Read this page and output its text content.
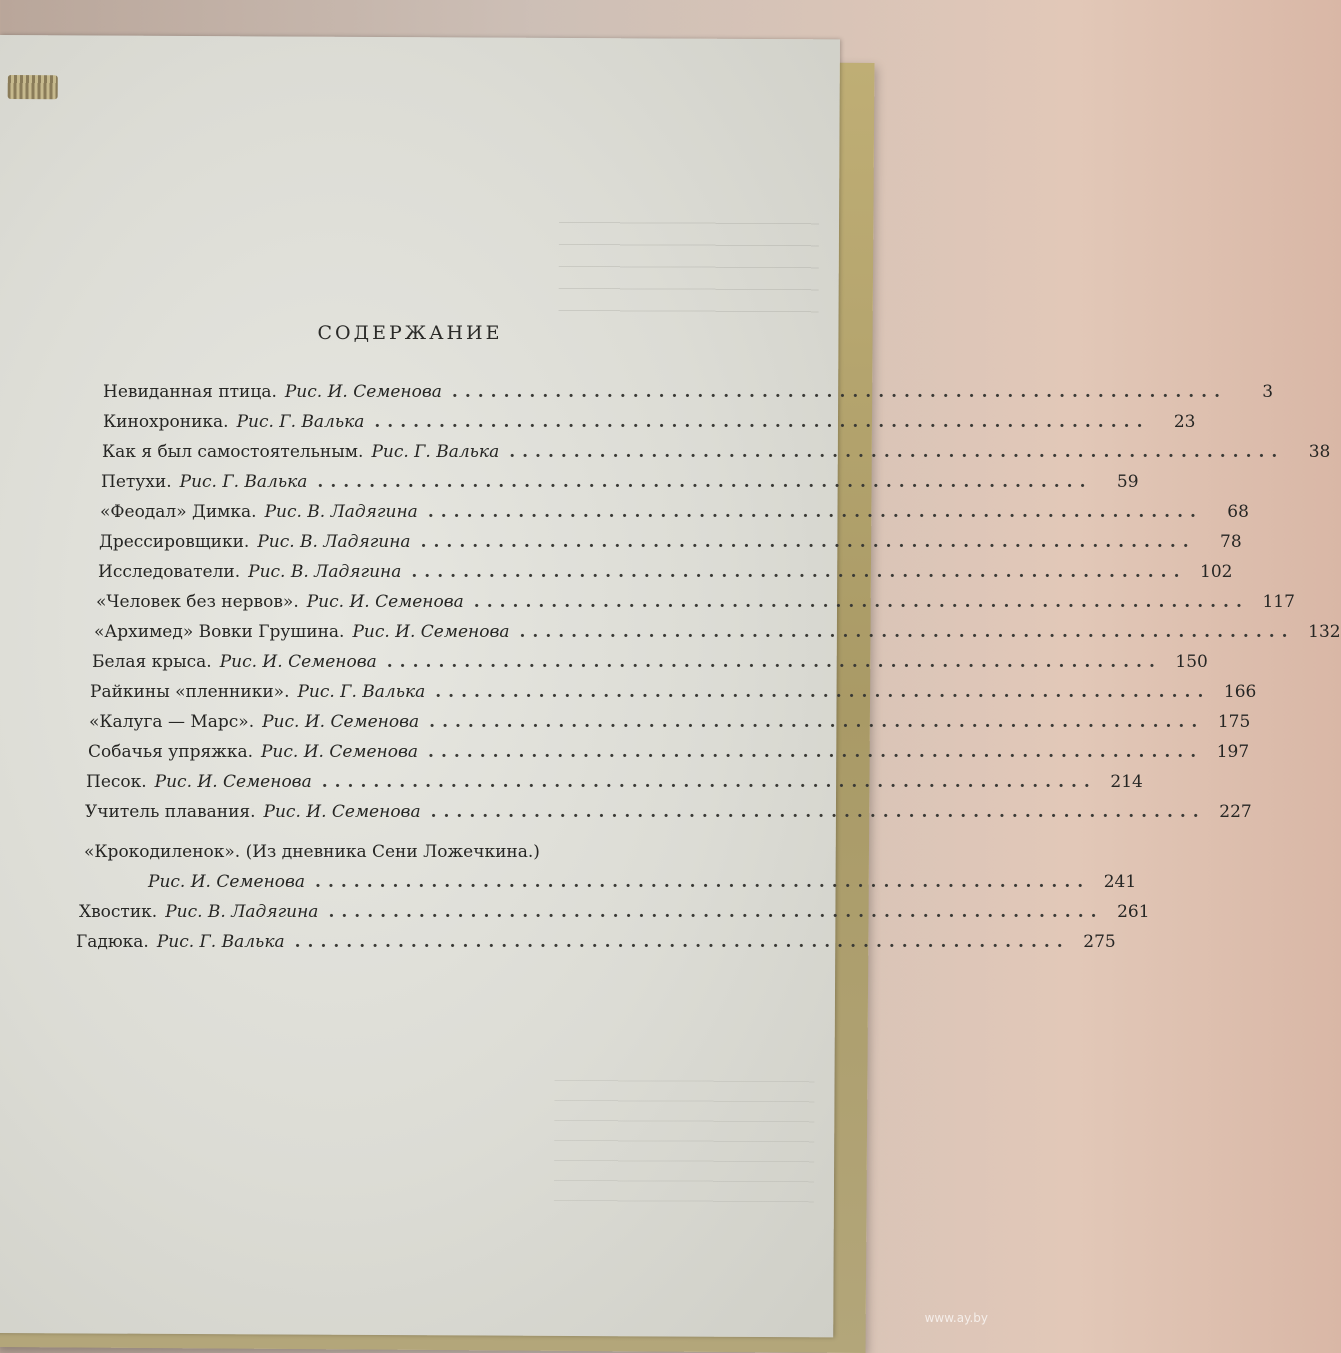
СОДЕРЖАНИЕ
Невиданная птица. Рис. И. Семенова ............................................................	3
Кинохроника. Рис. Г. Валька ............................................................	23
Как я был самостоятельным. Рис. Г. Валька ............................................................	38
Петухи. Рис. Г. Валька ............................................................	59
«Феодал» Димка. Рис. В. Ладягина ............................................................	68
Дрессировщики. Рис. В. Ладягина ............................................................	78
Исследователи. Рис. В. Ладягина ............................................................ 102
«Человек без нервов». Рис. И. Семенова ............................................................ 117
«Архимед» Вовки Грушина. Рис. И. Семенова ............................................................ 132
Белая крыса. Рис. И. Семенова ............................................................ 150
Райкины «пленники». Рис. Г. Валька ............................................................ 166
«Калуга — Марс». Рис. И. Семенова ............................................................ 175
Собачья упряжка. Рис. И. Семенова ............................................................ 197
Песок. Рис. И. Семенова ............................................................ 214
Учитель плавания. Рис. И. Семенова ............................................................ 227
«Крокодиленок». (Из дневника Сени Ложечкина.)
Рис. И. Семенова ............................................................ 241
Хвостик. Рис. В. Ладягина ............................................................ 261
Гадюка. Рис. Г. Валька ............................................................ 275
www.ay.by
